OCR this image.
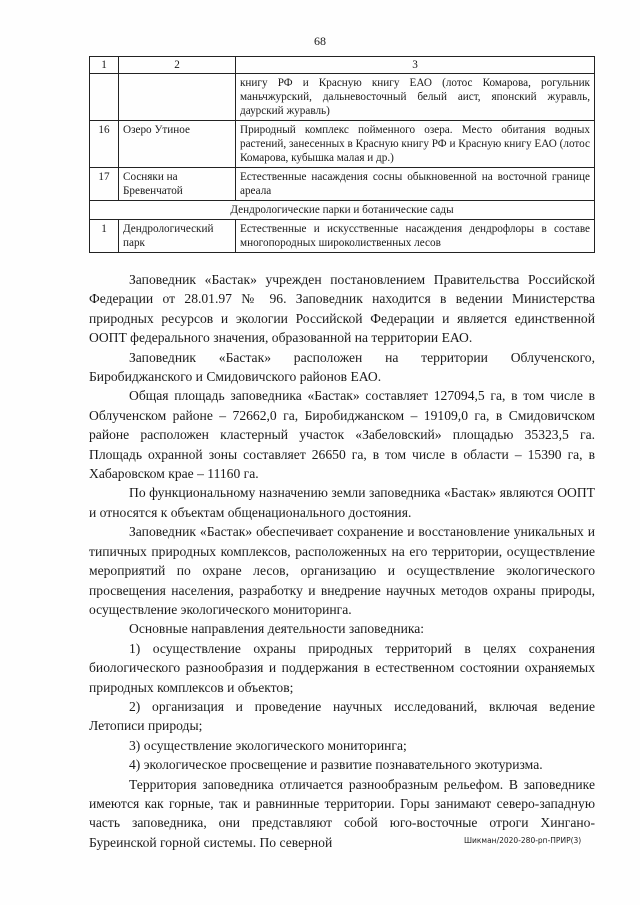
68
1	2	3
		книгу РФ и Красную книгу ЕАО (лотос Комарова, рогульник маньчжурский, дальневосточный белый аист, японский журавль, даурский журавль)
16	Озеро Утиное	Природный комплекс пойменного озера. Место обитания водных растений, занесенных в Красную книгу РФ и Красную книгу ЕАО (лотос Комарова, кубышка малая и др.)
17	Сосняки на Бревенчатой	Естественные насаждения сосны обыкновенной на восточной границе ареала
Дендрологические парки и ботанические сады		
1	Дендрологический парк	Естественные и искусственные насаждения дендрофлоры в составе многопородных широколиственных лесов

Заповедник «Бастак» учрежден постановлением Правительства Российской Федерации от 28.01.97 № 96. Заповедник находится в ведении Министерства природных ресурсов и экологии Российской Федерации и является единственной ООПТ федерального значения, образованной на территории ЕАО.

Заповедник «Бастак» расположен на территории Облученского, Биробиджанского и Смидовичского районов ЕАО.

Общая площадь заповедника «Бастак» составляет 127094,5 га, в том числе в Облученском районе – 72662,0 га, Биробиджанском – 19109,0 га, в Смидовичском районе расположен кластерный участок «Забеловский» площадью 35323,5 га. Площадь охранной зоны составляет 26650 га, в том числе в области – 15390 га, в Хабаровском крае – 11160 га.

По функциональному назначению земли заповедника «Бастак» являются ООПТ и относятся к объектам общенационального достояния.

Заповедник «Бастак» обеспечивает сохранение и восстановление уникальных и типичных природных комплексов, расположенных на его территории, осуществление мероприятий по охране лесов, организацию и осуществление экологического просвещения населения, разработку и внедрение научных методов охраны природы, осуществление экологического мониторинга.

Основные направления деятельности заповедника:

1) осуществление охраны природных территорий в целях сохранения биологического разнообразия и поддержания в естественном состоянии охраняемых природных комплексов и объектов;

2) организация и проведение научных исследований, включая ведение Летописи природы;

3) осуществление экологического мониторинга;

4) экологическое просвещение и развитие познавательного экотуризма.

Территория заповедника отличается разнообразным рельефом. В заповеднике имеются как горные, так и равнинные территории. Горы занимают северо-западную часть заповедника, они представляют собой юго-восточные отроги Хингано-Буреинской горной системы. По северной	Шикман/2020-280-рп-ПРИР(3)
